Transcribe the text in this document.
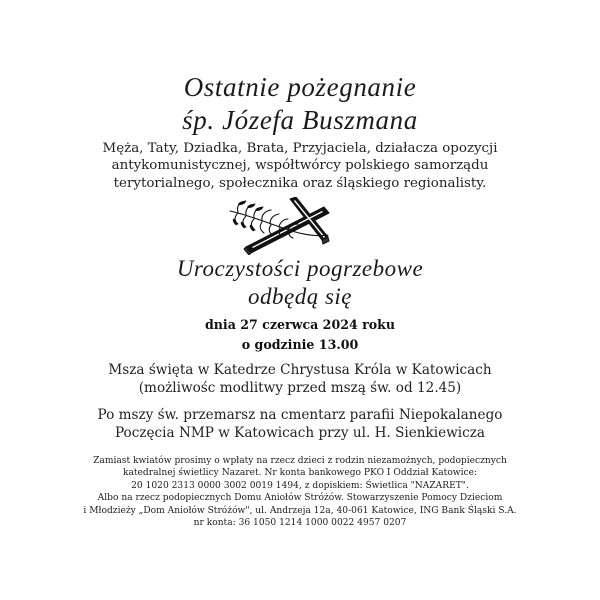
Ostatnie pożegnanie
śp. Józefa Buszmana
Męża, Taty, Dziadka, Brata, Przyjaciela, działacza opozycji
antykomunistycznej, współtwórcy polskiego samorządu
terytorialnego, społecznika oraz śląskiego regionalisty.
Uroczystości pogrzebowe
odbędą się
dnia 27 czerwca 2024 roku
o godzinie 13.00
Msza święta w Katedrze Chrystusa Króla w Katowicach
(możliwośc modlitwy przed mszą św. od 12.45)
Po mszy św. przemarsz na cmentarz parafii Niepokalanego
Poczęcia NMP w Katowicach przy ul. H. Sienkiewicza
Zamiast kwiatów prosimy o wpłaty na rzecz dzieci z rodzin niezamożnych, podopiecznych
katedralnej świetlicy Nazaret. Nr konta bankowego PKO I Oddział Katowice:
20 1020 2313 0000 3002 0019 1494, z dopiskiem: Świetlica "NAZARET".
Albo na rzecz podopiecznych Domu Aniołów Stróżów. Stowarzyszenie Pomocy Dzieciom
i Młodzieży „Dom Aniołów Stróżów", ul. Andrzeja 12a, 40-061 Katowice, ING Bank Śląski S.A.
nr konta: 36 1050 1214 1000 0022 4957 0207
